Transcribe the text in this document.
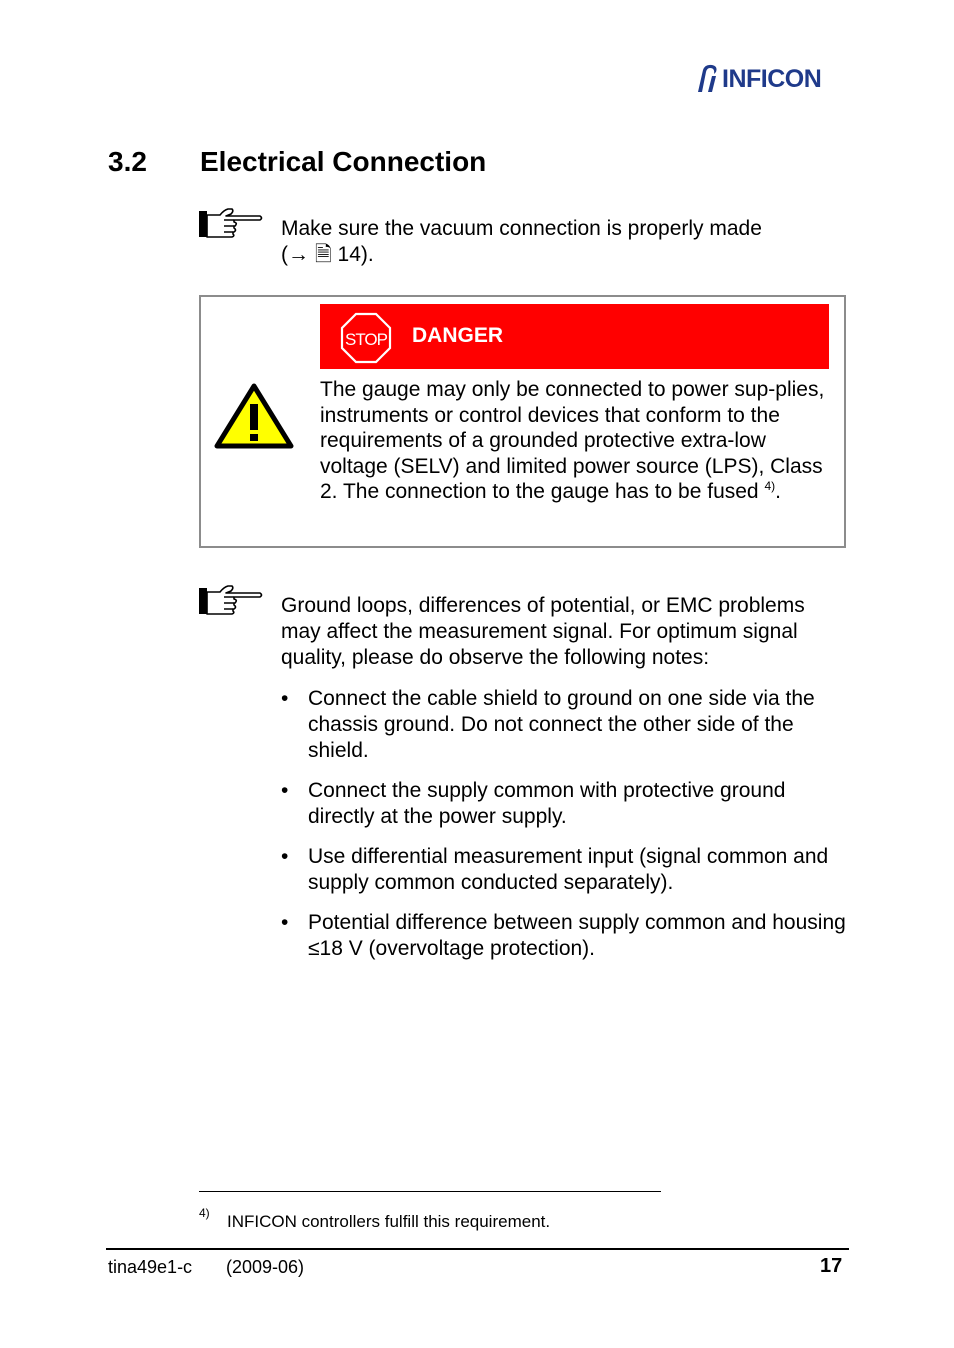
INFICON
3.2 Electrical Connection
Make sure the vacuum connection is properly made
(→ 🗎 14).
STOP DANGER
The gauge may only be connected to power sup-plies, instruments or control devices that conform to the requirements of a grounded protective extra-low voltage (SELV) and limited power source (LPS), Class 2. The connection to the gauge has to be fused $^{4)}$.
Ground loops, differences of potential, or EMC problems may affect the measurement signal. For optimum signal quality, please do observe the following notes:
• Connect the cable shield to ground on one side via the chassis ground. Do not connect the other side of the shield.
• Connect the supply common with protective ground directly at the power supply.
• Use differential measurement input (signal common and supply common conducted separately).
• Potential difference between supply common and housing ≤18 V (overvoltage protection).
4) INFICON controllers fulfill this requirement.
tina49e1-c (2009-06)	17
